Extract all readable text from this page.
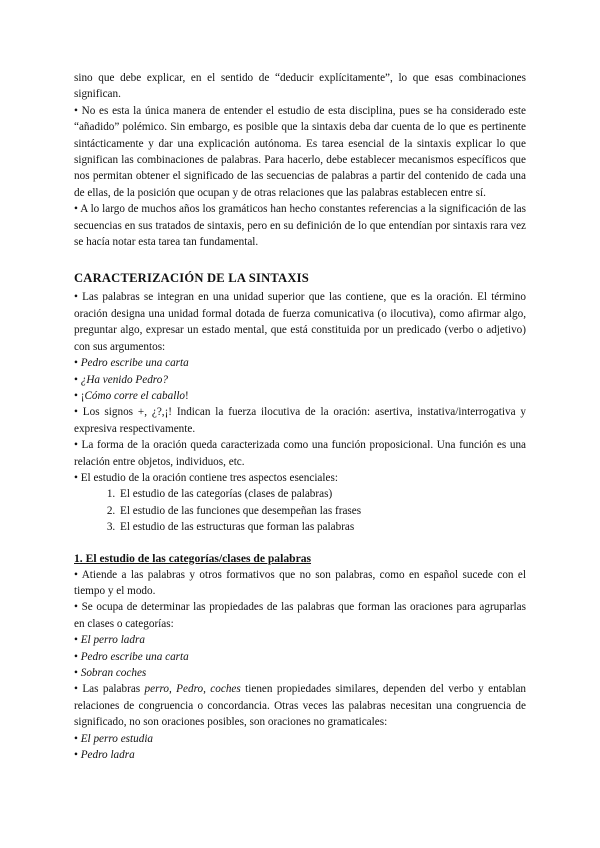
sino que debe explicar, en el sentido de “deducir explícitamente”, lo que esas combinaciones significan.

• No es esta la única manera de entender el estudio de esta disciplina, pues se ha considerado este “añadido” polémico. Sin embargo, es posible que la sintaxis deba dar cuenta de lo que es pertinente sintácticamente y dar una explicación autónoma. Es tarea esencial de la sintaxis explicar lo que significan las combinaciones de palabras. Para hacerlo, debe establecer mecanismos específicos que nos permitan obtener el significado de las secuencias de palabras a partir del contenido de cada una de ellas, de la posición que ocupan y de otras relaciones que las palabras establecen entre sí.

• A lo largo de muchos años los gramáticos han hecho constantes referencias a la significación de las secuencias en sus tratados de sintaxis, pero en su definición de lo que entendían por sintaxis rara vez se hacía notar esta tarea tan fundamental.

CARACTERIZACIÓN DE LA SINTAXIS

• Las palabras se integran en una unidad superior que las contiene, que es la oración. El término oración designa una unidad formal dotada de fuerza comunicativa (o ilocutiva), como afirmar algo, preguntar algo, expresar un estado mental, que está constituida por un predicado (verbo o adjetivo) con sus argumentos:

• Pedro escribe una carta

• ¿Ha venido Pedro?

• ¡Cómo corre el caballo!

• Los signos +, ¿?,¡! Indican la fuerza ilocutiva de la oración: asertiva, instativa/interrogativa y expresiva respectivamente.

• La forma de la oración queda caracterizada como una función proposicional. Una función es una relación entre objetos, individuos, etc.

• El estudio de la oración contiene tres aspectos esenciales:

1. El estudio de las categorías (clases de palabras)
2. El estudio de las funciones que desempeñan las frases
3. El estudio de las estructuras que forman las palabras
1. El estudio de las categorías/clases de palabras

• Atiende a las palabras y otros formativos que no son palabras, como en español sucede con el tiempo y el modo.

• Se ocupa de determinar las propiedades de las palabras que forman las oraciones para agruparlas en clases o categorías:

• El perro ladra

• Pedro escribe una carta

• Sobran coches

• Las palabras perro, Pedro, coches tienen propiedades similares, dependen del verbo y entablan relaciones de congruencia o concordancia. Otras veces las palabras necesitan una congruencia de significado, no son oraciones posibles, son oraciones no gramaticales:

• El perro estudia

• Pedro ladra
